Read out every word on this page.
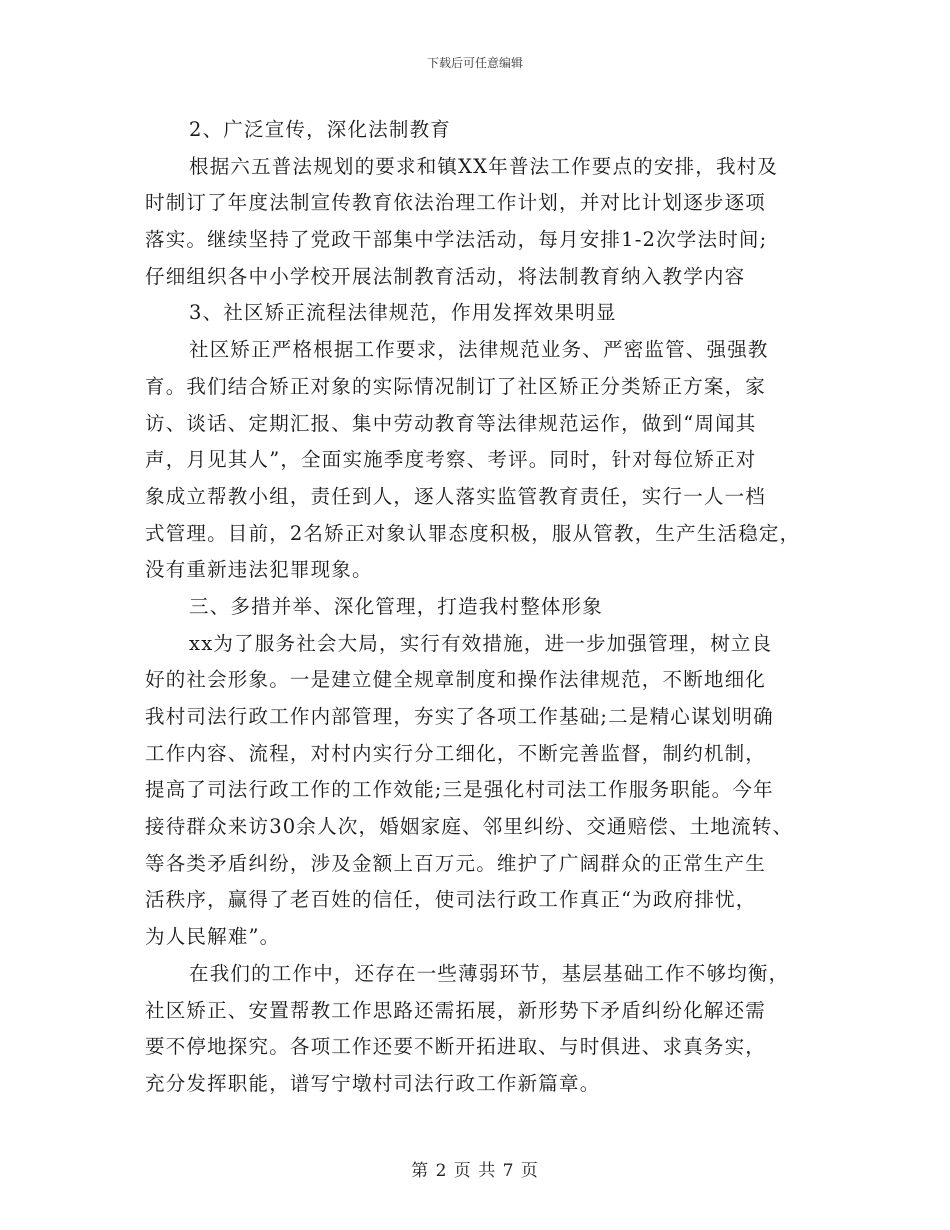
下载后可任意编辑
2、广泛宣传，深化法制教育
根据六五普法规划的要求和镇XX年普法工作要点的安排，我村及
时制订了年度法制宣传教育依法治理工作计划，并对比计划逐步逐项
落实。继续坚持了党政干部集中学法活动，每月安排1-2次学法时间;
仔细组织各中小学校开展法制教育活动，将法制教育纳入教学内容
3、社区矫正流程法律规范，作用发挥效果明显
社区矫正严格根据工作要求，法律规范业务、严密监管、强强教
育。我们结合矫正对象的实际情况制订了社区矫正分类矫正方案，家
访、谈话、定期汇报、集中劳动教育等法律规范运作，做到“周闻其
声，月见其人”，全面实施季度考察、考评。同时，针对每位矫正对
象成立帮教小组，责任到人，逐人落实监管教育责任，实行一人一档
式管理。目前，2名矫正对象认罪态度积极，服从管教，生产生活稳定，
没有重新违法犯罪现象。
三、多措并举、深化管理，打造我村整体形象
xx为了服务社会大局，实行有效措施，进一步加强管理，树立良
好的社会形象。一是建立健全规章制度和操作法律规范，不断地细化
我村司法行政工作内部管理，夯实了各项工作基础;二是精心谋划明确
工作内容、流程，对村内实行分工细化，不断完善监督，制约机制，
提高了司法行政工作的工作效能;三是强化村司法工作服务职能。今年
接待群众来访30余人次，婚姻家庭、邻里纠纷、交通赔偿、土地流转、
等各类矛盾纠纷，涉及金额上百万元。维护了广阔群众的正常生产生
活秩序，赢得了老百姓的信任，使司法行政工作真正“为政府排忧，
为人民解难”。
在我们的工作中，还存在一些薄弱环节，基层基础工作不够均衡，
社区矫正、安置帮教工作思路还需拓展，新形势下矛盾纠纷化解还需
要不停地探究。各项工作还要不断开拓进取、与时俱进、求真务实，
充分发挥职能，谱写宁墩村司法行政工作新篇章。
第 2 页 共 7 页
